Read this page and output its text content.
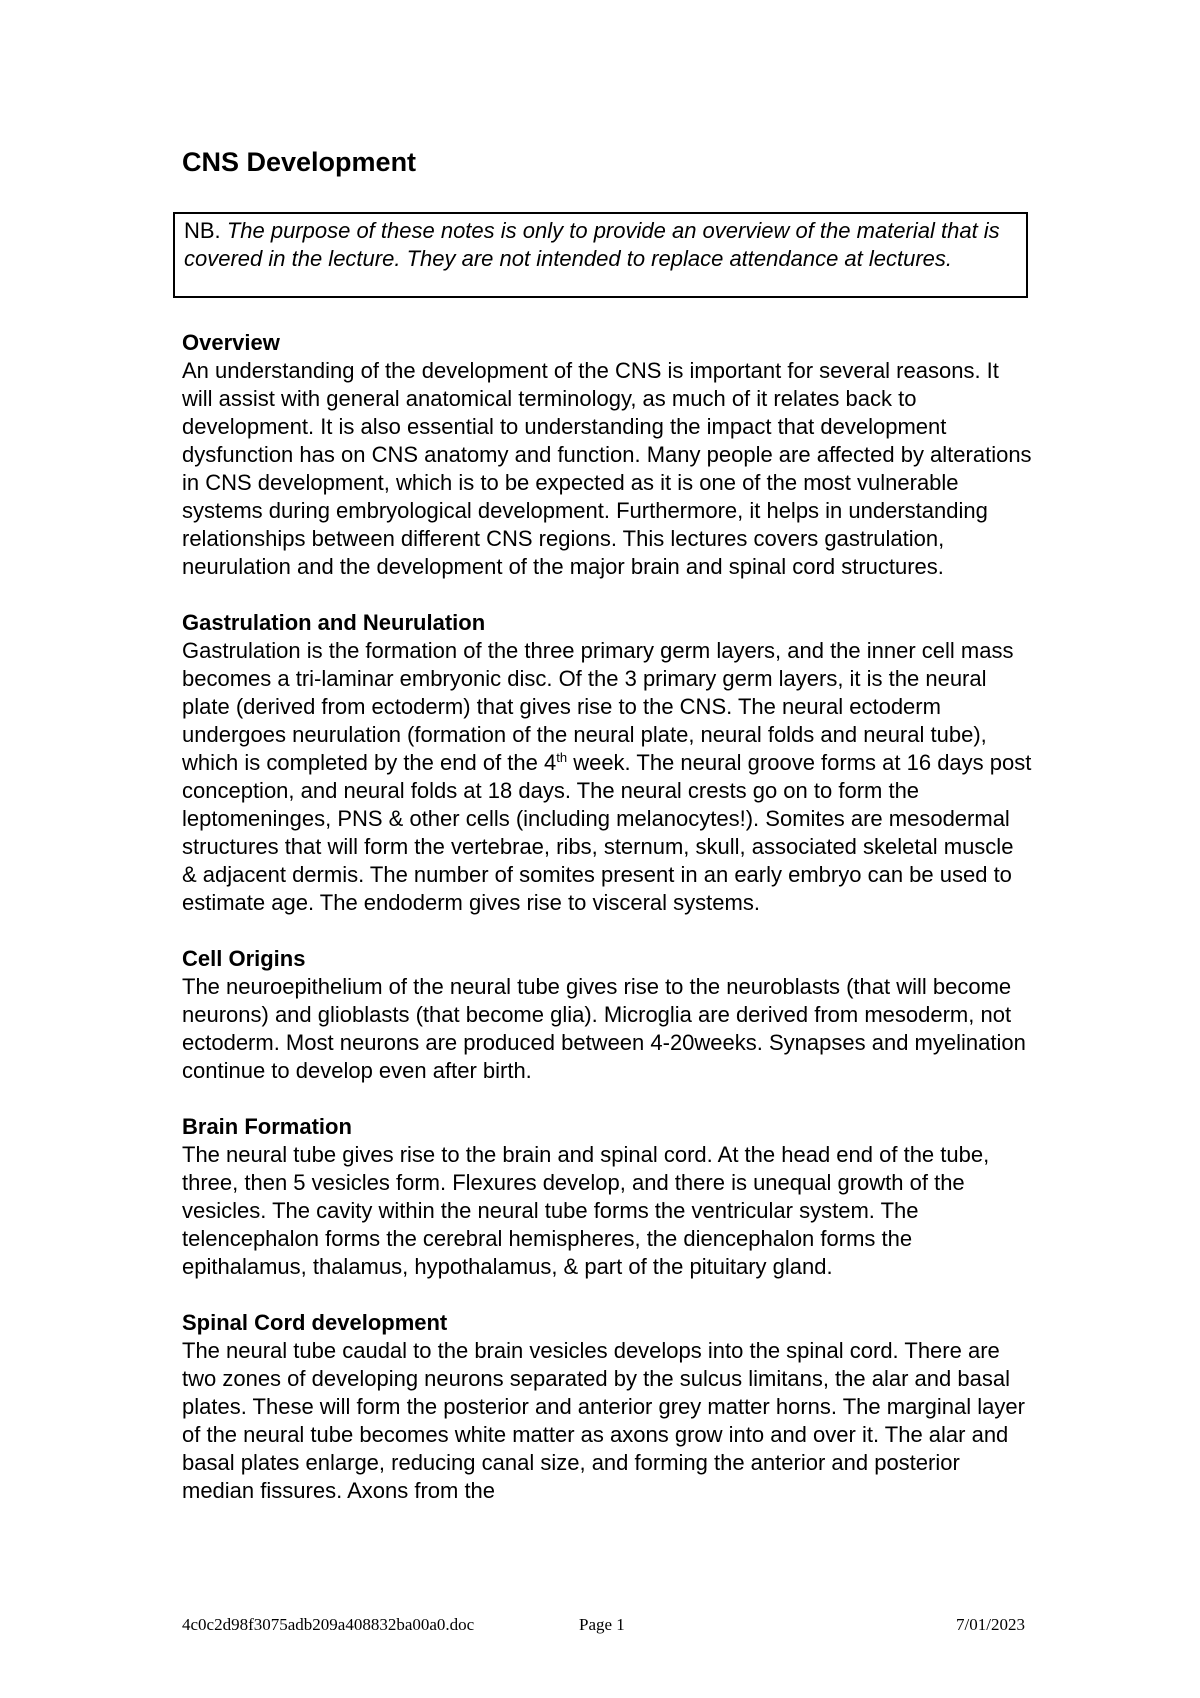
CNS Development
NB. The purpose of these notes is only to provide an overview of the material that is covered in the lecture. They are not intended to replace attendance at lectures.
Overview

An understanding of the development of the CNS is important for several reasons. It will assist with general anatomical terminology, as much of it relates back to development. It is also essential to understanding the impact that development dysfunction has on CNS anatomy and function. Many people are affected by alterations in CNS development, which is to be expected as it is one of the most vulnerable systems during embryological development. Furthermore, it helps in understanding relationships between different CNS regions. This lectures covers gastrulation, neurulation and the development of the major brain and spinal cord structures.

Gastrulation and Neurulation

Gastrulation is the formation of the three primary germ layers, and the inner cell mass becomes a tri-laminar embryonic disc. Of the 3 primary germ layers, it is the neural plate (derived from ectoderm) that gives rise to the CNS. The neural ectoderm undergoes neurulation (formation of the neural plate, neural folds and neural tube), which is completed by the end of the 4th week. The neural groove forms at 16 days post conception, and neural folds at 18 days. The neural crests go on to form the leptomeninges, PNS & other cells (including melanocytes!). Somites are mesodermal structures that will form the vertebrae, ribs, sternum, skull, associated skeletal muscle & adjacent dermis. The number of somites present in an early embryo can be used to estimate age. The endoderm gives rise to visceral systems.

Cell Origins

The neuroepithelium of the neural tube gives rise to the neuroblasts (that will become neurons) and glioblasts (that become glia). Microglia are derived from mesoderm, not ectoderm. Most neurons are produced between 4-20weeks. Synapses and myelination continue to develop even after birth.

Brain Formation

The neural tube gives rise to the brain and spinal cord. At the head end of the tube, three, then 5 vesicles form. Flexures develop, and there is unequal growth of the vesicles. The cavity within the neural tube forms the ventricular system. The telencephalon forms the cerebral hemispheres, the diencephalon forms the epithalamus, thalamus, hypothalamus, & part of the pituitary gland.

Spinal Cord development

The neural tube caudal to the brain vesicles develops into the spinal cord. There are two zones of developing neurons separated by the sulcus limitans, the alar and basal plates. These will form the posterior and anterior grey matter horns. The marginal layer of the neural tube becomes white matter as axons grow into and over it. The alar and basal plates enlarge, reducing canal size, and forming the anterior and posterior median fissures. Axons from the

4c0c2d98f3075adb209a408832ba00a0.doc	Page 1	7/01/2023
